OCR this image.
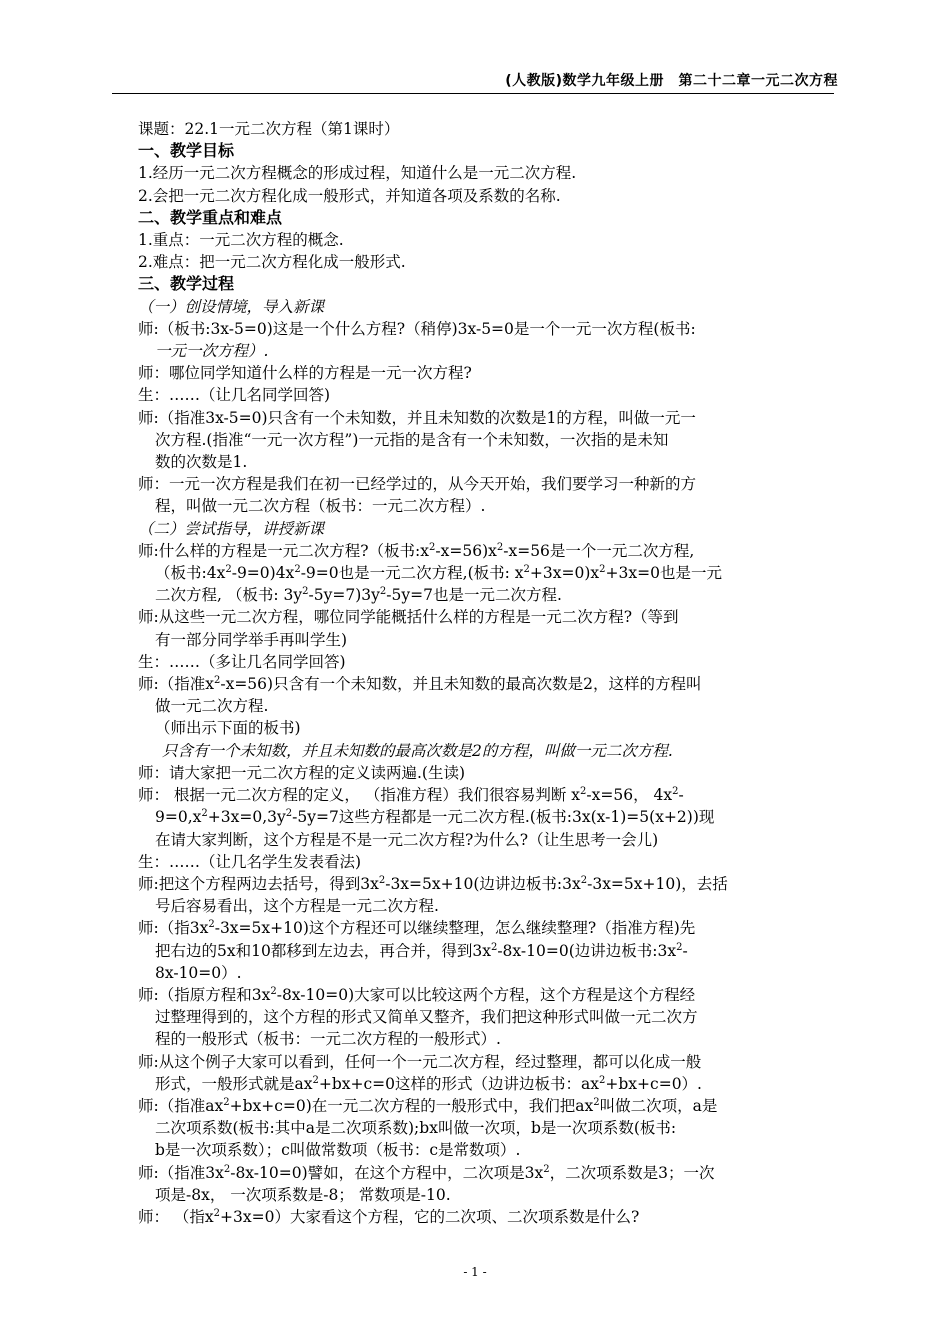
(人教版)数学九年级上册　第二十二章一元二次方程
课题：22.1一元二次方程（第1课时）
一、教学目标
1.经历一元二次方程概念的形成过程，知道什么是一元二次方程.
2.会把一元二次方程化成一般形式，并知道各项及系数的名称.
二、教学重点和难点
1.重点：一元二次方程的概念.
2.难点：把一元二次方程化成一般形式.
三、教学过程
（一）创设情境，导入新课
师:（板书:3x-5=0)这是一个什么方程?（稍停)3x-5=0是一个一元一次方程(板书:
一元一次方程）.
师：哪位同学知道什么样的方程是一元一次方程?
生：……（让几名同学回答)
师:（指准3x-5=0)只含有一个未知数，并且未知数的次数是1的方程，叫做一元一
次方程.(指准“一元一次方程”)一元指的是含有一个未知数，一次指的是未知
数的次数是1.
师：一元一次方程是我们在初一已经学过的，从今天开始，我们要学习一种新的方
程，叫做一元二次方程（板书：一元二次方程）.
（二）尝试指导，讲授新课
师:什么样的方程是一元二次方程?（板书$:x^2-x=56)x^2-x=56$是一个一元二次方程,
（板书$:4x^2-9=0)4x^2-9=0$也是一元二次方程,(板书: $x^2+3x=0)x^2+3x=0$也是一元
二次方程, （板书: $3y^2-5y=7)3y^2-5y=7$也是一元二次方程.
师:从这些一元二次方程，哪位同学能概括什么样的方程是一元二次方程?（等到
有一部分同学举手再叫学生)
生：……（多让几名同学回答)
师:（指准$x^2-x=56$)只含有一个未知数，并且未知数的最高次数是2，这样的方程叫
做一元二次方程.
（师出示下面的板书)
只含有一个未知数，并且未知数的最高次数是2的方程，叫做一元二次方程.
师：请大家把一元二次方程的定义读两遍.(生读)
师： 根据一元二次方程的定义， （指准方程）我们很容易判断 $x^2-x=56$， $4x^2-$
$9=0,x^2+3x=0,3y^2-5y=7$这些方程都是一元二次方程.(板书:3x(x-1)=5(x+2))现
在请大家判断，这个方程是不是一元二次方程?为什么?（让生思考一会儿)
生：……（让几名学生发表看法)
师:把这个方程两边去括号，得到$3x^2-3x=5x+10$(边讲边板书$:3x^2-3x=5x+10$)，去括
号后容易看出，这个方程是一元二次方程.
师:（指$3x^2-3x=5x+10$)这个方程还可以继续整理，怎么继续整理?（指准方程)先
把右边的5x和10都移到左边去，再合并，得到$3x^2-8x-10=0$(边讲边板书$:3x^2-$
8x-10=0）.
师:（指原方程和$3x^2-8x-10=0$)大家可以比较这两个方程，这个方程是这个方程经
过整理得到的，这个方程的形式又简单又整齐，我们把这种形式叫做一元二次方
程的一般形式（板书：一元二次方程的一般形式）.
师:从这个例子大家可以看到，任何一个一元二次方程，经过整理，都可以化成一般
形式，一般形式就是$ax^2+bx+c=0$这样的形式（边讲边板书：$ax^2+bx+c=0$）.
师:（指准$ax^2+bx+c=0$)在一元二次方程的一般形式中，我们把$ax^2$叫做二次项，a是
二次项系数(板书:其中a是二次项系数);bx叫做一次项，b是一次项系数(板书:
b是一次项系数）；c叫做常数项（板书：c是常数项）.
师:（指准$3x^2-8x-10=0$)譬如，在这个方程中，二次项是$3x^2$，二次项系数是3；一次
项是-8x， 一次项系数是-8； 常数项是-10.
师： （指$x^2+3x=0$）大家看这个方程，它的二次项、二次项系数是什么?
- 1 -
